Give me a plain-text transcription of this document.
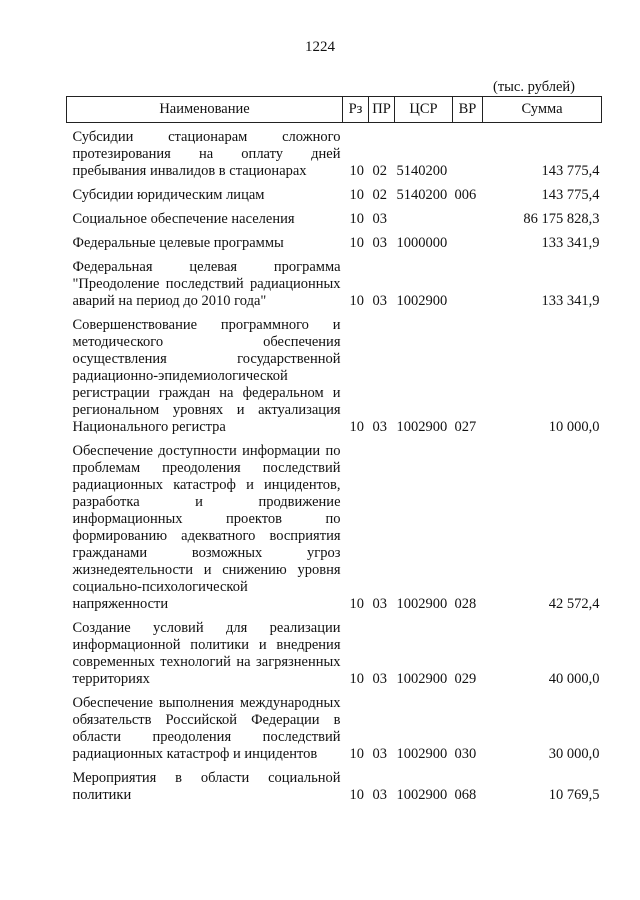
1224
(тыс. рублей)
Наименование	Рз	ПР	ЦСР	ВР	Сумма
Субсидии стационарам сложного протезирования на оплату дней пребывания инвалидов в стационарах	10	02	5140200		143 775,4
Субсидии юридическим лицам	10	02	5140200	006	143 775,4
Социальное обеспечение населения	10	03			86 175 828,3
Федеральные целевые программы	10	03	1000000		133 341,9
Федеральная целевая программа "Преодоление последствий радиационных аварий на период до 2010 года"	10	03	1002900		133 341,9
Совершенствование программного и методического обеспечения осуществления государственной радиационно-эпидемиологической регистрации граждан на федеральном и региональном уровнях и актуализация Национального регистра	10	03	1002900	027	10 000,0
Обеспечение доступности информации по проблемам преодоления последствий радиационных катастроф и инцидентов, разработка и продвижение информационных проектов по формированию адекватного восприятия гражданами возможных угроз жизнедеятельности и снижению уровня социально-психологической напряженности	10	03	1002900	028	42 572,4
Создание условий для реализации информационной политики и внедрения современных технологий на загрязненных территориях	10	03	1002900	029	40 000,0
Обеспечение выполнения международных обязательств Российской Федерации в области преодоления последствий радиационных катастроф и инцидентов	10	03	1002900	030	30 000,0
Мероприятия в области социальной политики	10	03	1002900	068	10 769,5
